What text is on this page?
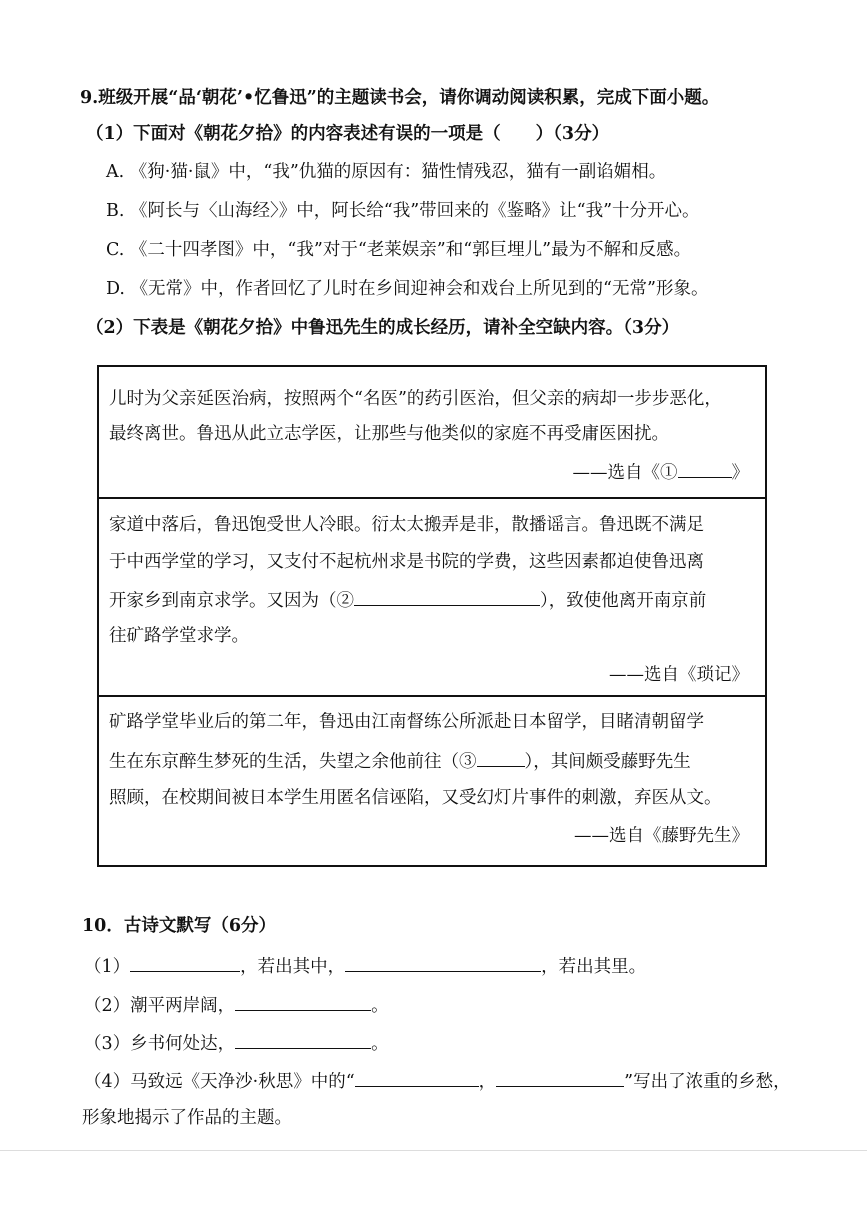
9.班级开展“品‘朝花’•忆鲁迅”的主题读书会，请你调动阅读积累，完成下面小题。
（1）下面对《朝花夕拾》的内容表述有误的一项是（　　）（3分）
A. 《狗·猫·鼠》中，“我”仇猫的原因有：猫性情残忍，猫有一副谄媚相。
B. 《阿长与〈山海经〉》中，阿长给“我”带回来的《鉴略》让“我”十分开心。
C. 《二十四孝图》中，“我”对于“老莱娱亲”和“郭巨埋儿”最为不解和反感。
D. 《无常》中，作者回忆了儿时在乡间迎神会和戏台上所见到的“无常”形象。
（2）下表是《朝花夕拾》中鲁迅先生的成长经历，请补全空缺内容。（3分）
儿时为父亲延医治病，按照两个“名医”的药引医治，但父亲的病却一步步恶化，
最终离世。鲁迅从此立志学医，让那些与他类似的家庭不再受庸医困扰。
——选自《①	》
家道中落后，鲁迅饱受世人冷眼。衍太太搬弄是非，散播谣言。鲁迅既不满足
于中西学堂的学习，又支付不起杭州求是书院的学费，这些因素都迫使鲁迅离
开家乡到南京求学。又因为（②	），致使他离开南京前
往矿路学堂求学。
——选自《琐记》
矿路学堂毕业后的第二年，鲁迅由江南督练公所派赴日本留学，目睹清朝留学
生在东京醉生梦死的生活，失望之余他前往（③	），其间颇受藤野先生
照顾，在校期间被日本学生用匿名信诬陷，又受幻灯片事件的刺激，弃医从文。
——选自《藤野先生》
10．古诗文默写（6分）
（1）	，若出其中，	，若出其里。
（2）潮平两岸阔，	。
（3）乡书何处达，	。
（4）马致远《天净沙·秋思》中的“	，	”写出了浓重的乡愁，
形象地揭示了作品的主题。
